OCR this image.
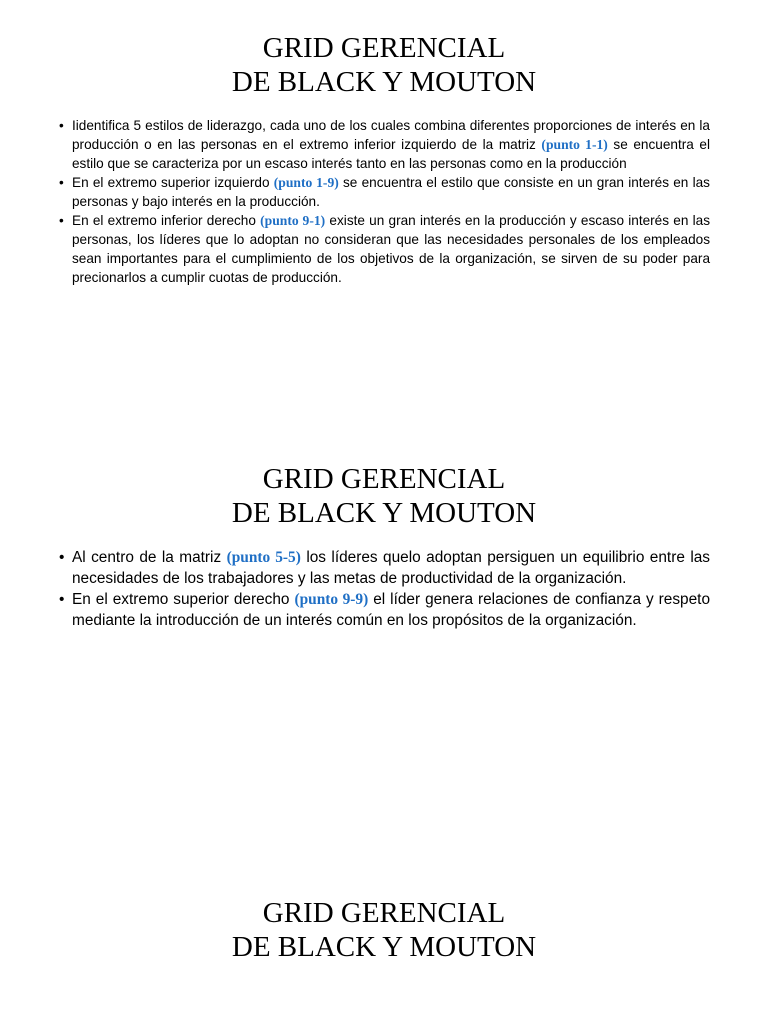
GRID GERENCIAL
DE BLACK Y MOUTON
• Iidentifica 5 estilos de liderazgo, cada uno de los cuales combina diferentes proporciones de interés en la producción o en las personas en el extremo inferior izquierdo de la matriz (punto 1-1) se encuentra el estilo que se caracteriza por un escaso interés tanto en las personas como en la producción
• En el extremo superior izquierdo (punto 1-9) se encuentra el estilo que consiste en un gran interés en las personas y bajo interés en la producción.
• En el extremo inferior derecho (punto 9-1) existe un gran interés en la producción y escaso interés en las personas, los líderes que lo adoptan no consideran que las necesidades personales de los empleados sean importantes para el cumplimiento de los objetivos de la organización, se sirven de su poder para precionarlos a cumplir cuotas de producción.
GRID GERENCIAL
DE BLACK Y MOUTON
• Al centro de la matriz (punto 5-5) los líderes quelo adoptan persiguen un equilibrio entre las necesidades de los trabajadores y las metas de productividad de la organización.
• En el extremo superior derecho (punto 9-9) el líder genera relaciones de confianza y respeto mediante la introducción de un interés común en los propósitos de la organización.
GRID GERENCIAL
DE BLACK Y MOUTON
